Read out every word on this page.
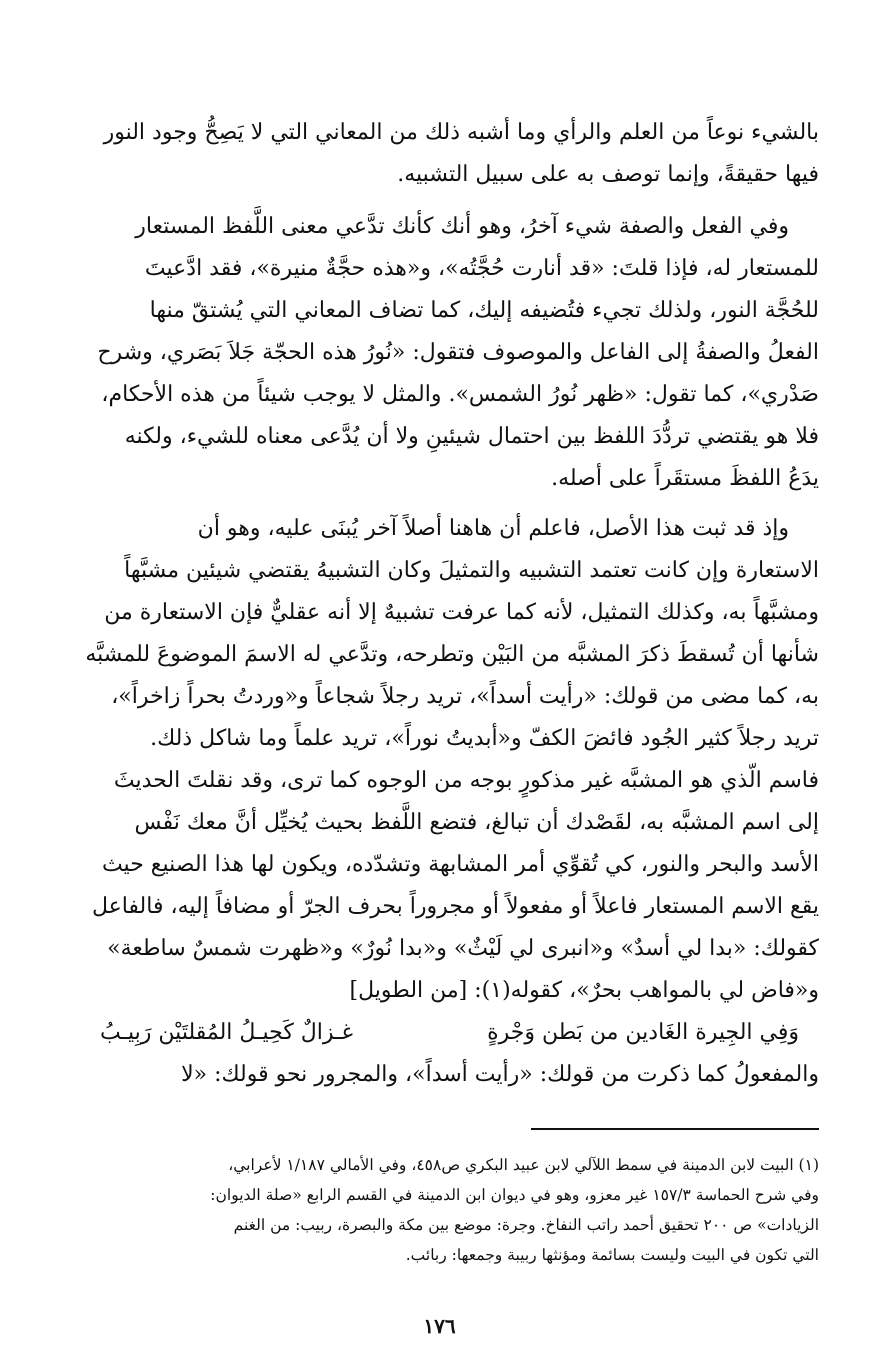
بالشيء نوعاً من العلم والرأي وما أشبه ذلك من المعاني التي لا يَصِحُّ وجود النور

فيها حقيقةً، وإنما توصف به على سبيل التشبيه.

وفي الفعل والصفة شيء آخرُ، وهو أنك كأنك تدَّعي معنى اللَّفظ المستعار

للمستعار له، فإذا قلتَ: «قد أنارت حُجَّتُه»، و«هذه حجَّةٌ منيرة»، فقد ادَّعيتَ

للحُجَّة النور، ولذلك تجيء فتُضيفه إليك، كما تضاف المعاني التي يُشتقّ منها

الفعلُ والصفةُ إلى الفاعل والموصوف فتقول: «نُورُ هذه الحجّة جَلاَ بَصَري، وشرح

صَدْري»، كما تقول: «ظهر نُورُ الشمس». والمثل لا يوجب شيئاً من هذه الأحكام،

فلا هو يقتضي تردُّدَ اللفظ بين احتمال شيئينِ ولا أن يُدَّعى معناه للشيء، ولكنه

يدَعُ اللفظَ مستقَراً على أصله.

وإذ قد ثبت هذا الأصل، فاعلم أن هاهنا أصلاً آخر يُبنَى عليه، وهو أن

الاستعارة وإن كانت تعتمد التشبيه والتمثيلَ وكان التشبيهُ يقتضي شيئين مشبَّهاً

ومشبَّهاً به، وكذلك التمثيل، لأنه كما عرفت تشبيهٌ إلا أنه عقليٌّ فإن الاستعارة من

شأنها أن تُسقطَ ذكرَ المشبَّه من البَيْن وتطرحه، وتدَّعي له الاسمَ الموضوعَ للمشبَّه

به، كما مضى من قولك: «رأيت أسداً»، تريد رجلاً شجاعاً و«وردتُ بحراً زاخراً»،

تريد رجلاً كثير الجُود فائضَ الكفّ و«أبديتُ نوراً»، تريد علماً وما شاكل ذلك.

فاسم الّذي هو المشبَّه غير مذكورٍ بوجه من الوجوه كما ترى، وقد نقلتَ الحديثَ

إلى اسم المشبَّه به، لقَصْدك أن تبالغ، فتضع اللَّفظ بحيث يُخيِّل أنَّ معك نَفْس

الأسد والبحر والنور، كي تُقوِّي أمر المشابهة وتشدّده، ويكون لها هذا الصنيع حيث

يقع الاسم المستعار فاعلاً أو مفعولاً أو مجروراً بحرف الجرّ أو مضافاً إليه، فالفاعل

كقولك: «بدا لي أسدٌ» و«انبرى لي لَيْثٌ» و«بدا نُورٌ» و«ظهرت شمسٌ ساطعة»

و«فاض لي بالمواهب بحرٌ»، كقوله(١): [من الطويل]

وَفِي الجِيرة الغَادين من بَطن وَجْرةٍ
غـزالٌ كَحِيـلُ المُقلتَيْن رَبِيـبُ

والمفعولُ كما ذكرت من قولك: «رأيت أسداً»، والمجرور نحو قولك: «لا

(١) البيت لابن الدمينة في سمط اللآلي لابن عبيد البكري ص٤٥٨، وفي الأمالي ١/١٨٧ لأعرابي،

وفي شرح الحماسة ١٥٧/٣ غير معزو، وهو في ديوان ابن الدمينة في القسم الرابع «صلة الديوان:

الزيادات» ص ٢٠٠ تحقيق أحمد راتب النفاخ. وجرة: موضع بين مكة والبصرة، ربيب: من الغنم

التي تكون في البيت وليست بسائمة ومؤنثها ربيبة وجمعها: ربائب.

١٧٦
